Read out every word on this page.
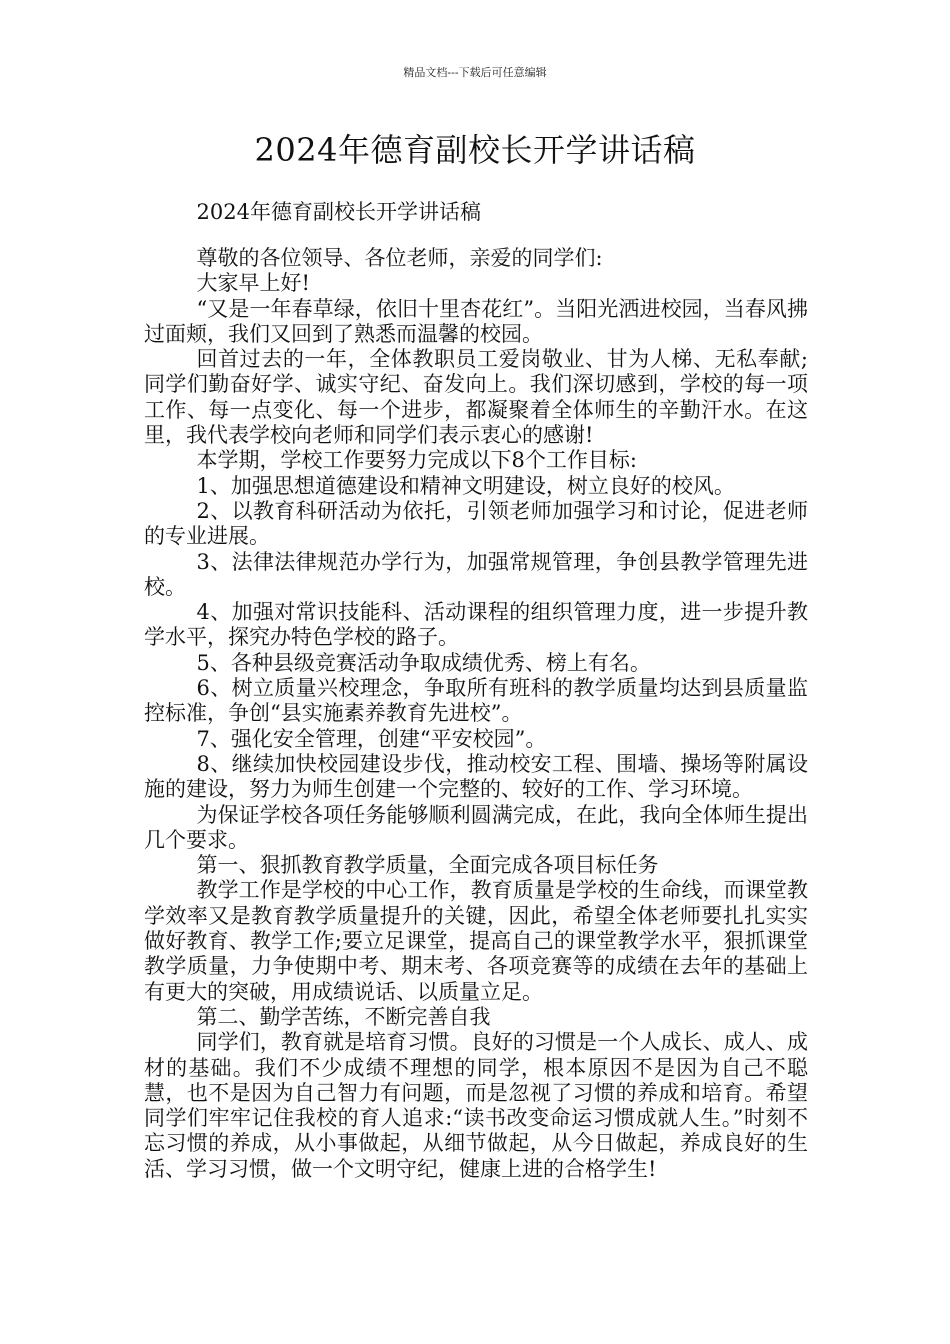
精品文档---下载后可任意编辑
2024年德育副校长开学讲话稿

2024年德育副校长开学讲话稿

尊敬的各位领导、各位老师，亲爱的同学们:

大家早上好!

“又是一年春草绿，依旧十里杏花红”。当阳光洒进校园，当春风拂过面颊，我们又回到了熟悉而温馨的校园。

回首过去的一年，全体教职员工爱岗敬业、甘为人梯、无私奉献;同学们勤奋好学、诚实守纪、奋发向上。我们深切感到，学校的每一项工作、每一点变化、每一个进步，都凝聚着全体师生的辛勤汗水。在这里，我代表学校向老师和同学们表示衷心的感谢!

本学期，学校工作要努力完成以下8个工作目标:

1、加强思想道德建设和精神文明建设，树立良好的校风。

2、以教育科研活动为依托，引领老师加强学习和讨论，促进老师的专业进展。

3、法律法律规范办学行为，加强常规管理，争创县教学管理先进校。

4、加强对常识技能科、活动课程的组织管理力度，进一步提升教学水平，探究办特色学校的路子。

5、各种县级竞赛活动争取成绩优秀、榜上有名。

6、树立质量兴校理念，争取所有班科的教学质量均达到县质量监控标准，争创“县实施素养教育先进校”。

7、强化安全管理，创建“平安校园”。

8、继续加快校园建设步伐，推动校安工程、围墙、操场等附属设施的建设，努力为师生创建一个完整的、较好的工作、学习环境。

为保证学校各项任务能够顺利圆满完成，在此，我向全体师生提出几个要求。

第一、狠抓教育教学质量，全面完成各项目标任务

教学工作是学校的中心工作，教育质量是学校的生命线，而课堂教学效率又是教育教学质量提升的关键，因此，希望全体老师要扎扎实实做好教育、教学工作;要立足课堂，提高自己的课堂教学水平，狠抓课堂教学质量，力争使期中考、期末考、各项竞赛等的成绩在去年的基础上有更大的突破，用成绩说话、以质量立足。

第二、勤学苦练，不断完善自我

同学们，教育就是培育习惯。良好的习惯是一个人成长、成人、成材的基础。我们不少成绩不理想的同学，根本原因不是因为自己不聪慧，也不是因为自己智力有问题，而是忽视了习惯的养成和培育。希望同学们牢牢记住我校的育人追求:“读书改变命运习惯成就人生。”时刻不忘习惯的养成，从小事做起，从细节做起，从今日做起，养成良好的生活、学习习惯，做一个文明守纪，健康上进的合格学生!
